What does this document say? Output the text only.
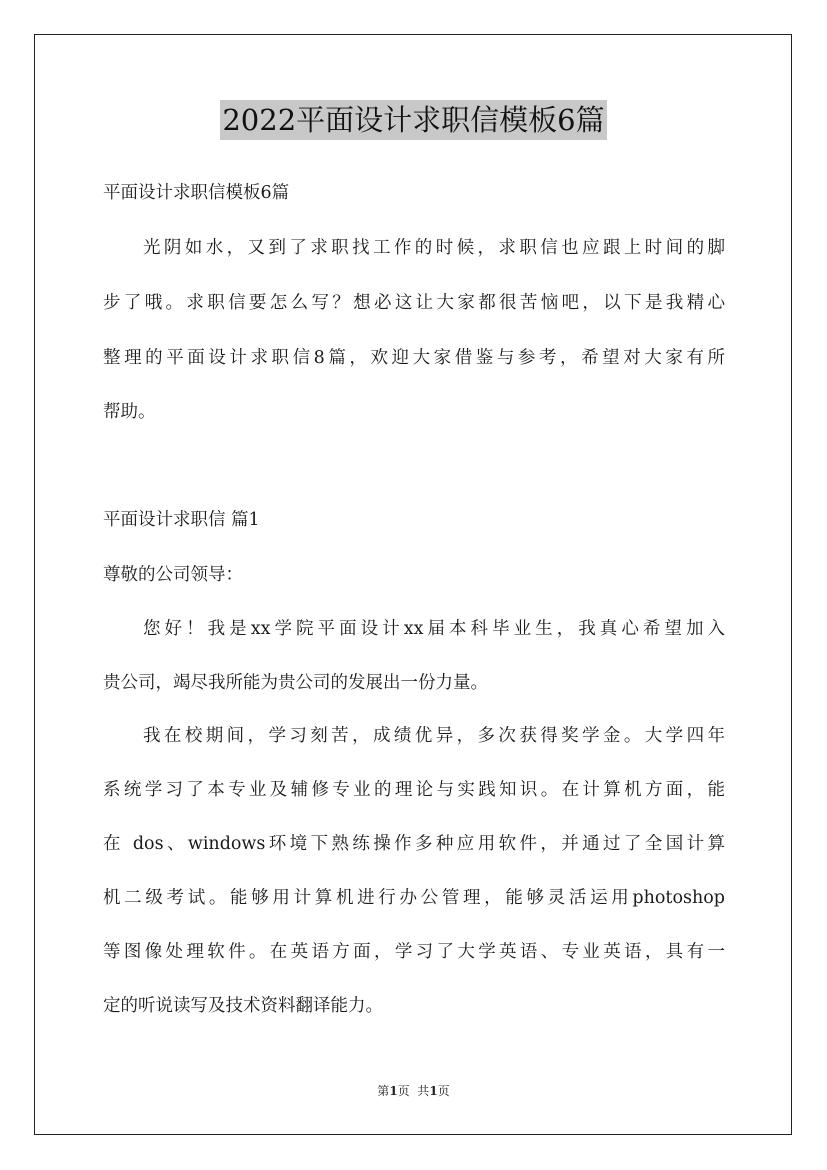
2022平面设计求职信模板6篇
平面设计求职信模板6篇
光阴如水，又到了求职找工作的时候，求职信也应跟上时间的脚
步了哦。求职信要怎么写？想必这让大家都很苦恼吧，以下是我精心
整理的平面设计求职信8篇，欢迎大家借鉴与参考，希望对大家有所
帮助。
平面设计求职信 篇1
尊敬的公司领导：
您好！我是xx学院平面设计xx届本科毕业生，我真心希望加入
贵公司，竭尽我所能为贵公司的发展出一份力量。
我在校期间，学习刻苦，成绩优异，多次获得奖学金。大学四年
系统学习了本专业及辅修专业的理论与实践知识。在计算机方面，能
在 dos、windows环境下熟练操作多种应用软件，并通过了全国计算
机二级考试。能够用计算机进行办公管理，能够灵活运用photoshop
等图像处理软件。在英语方面，学习了大学英语、专业英语，具有一
定的听说读写及技术资料翻译能力。
第1页  共1页
